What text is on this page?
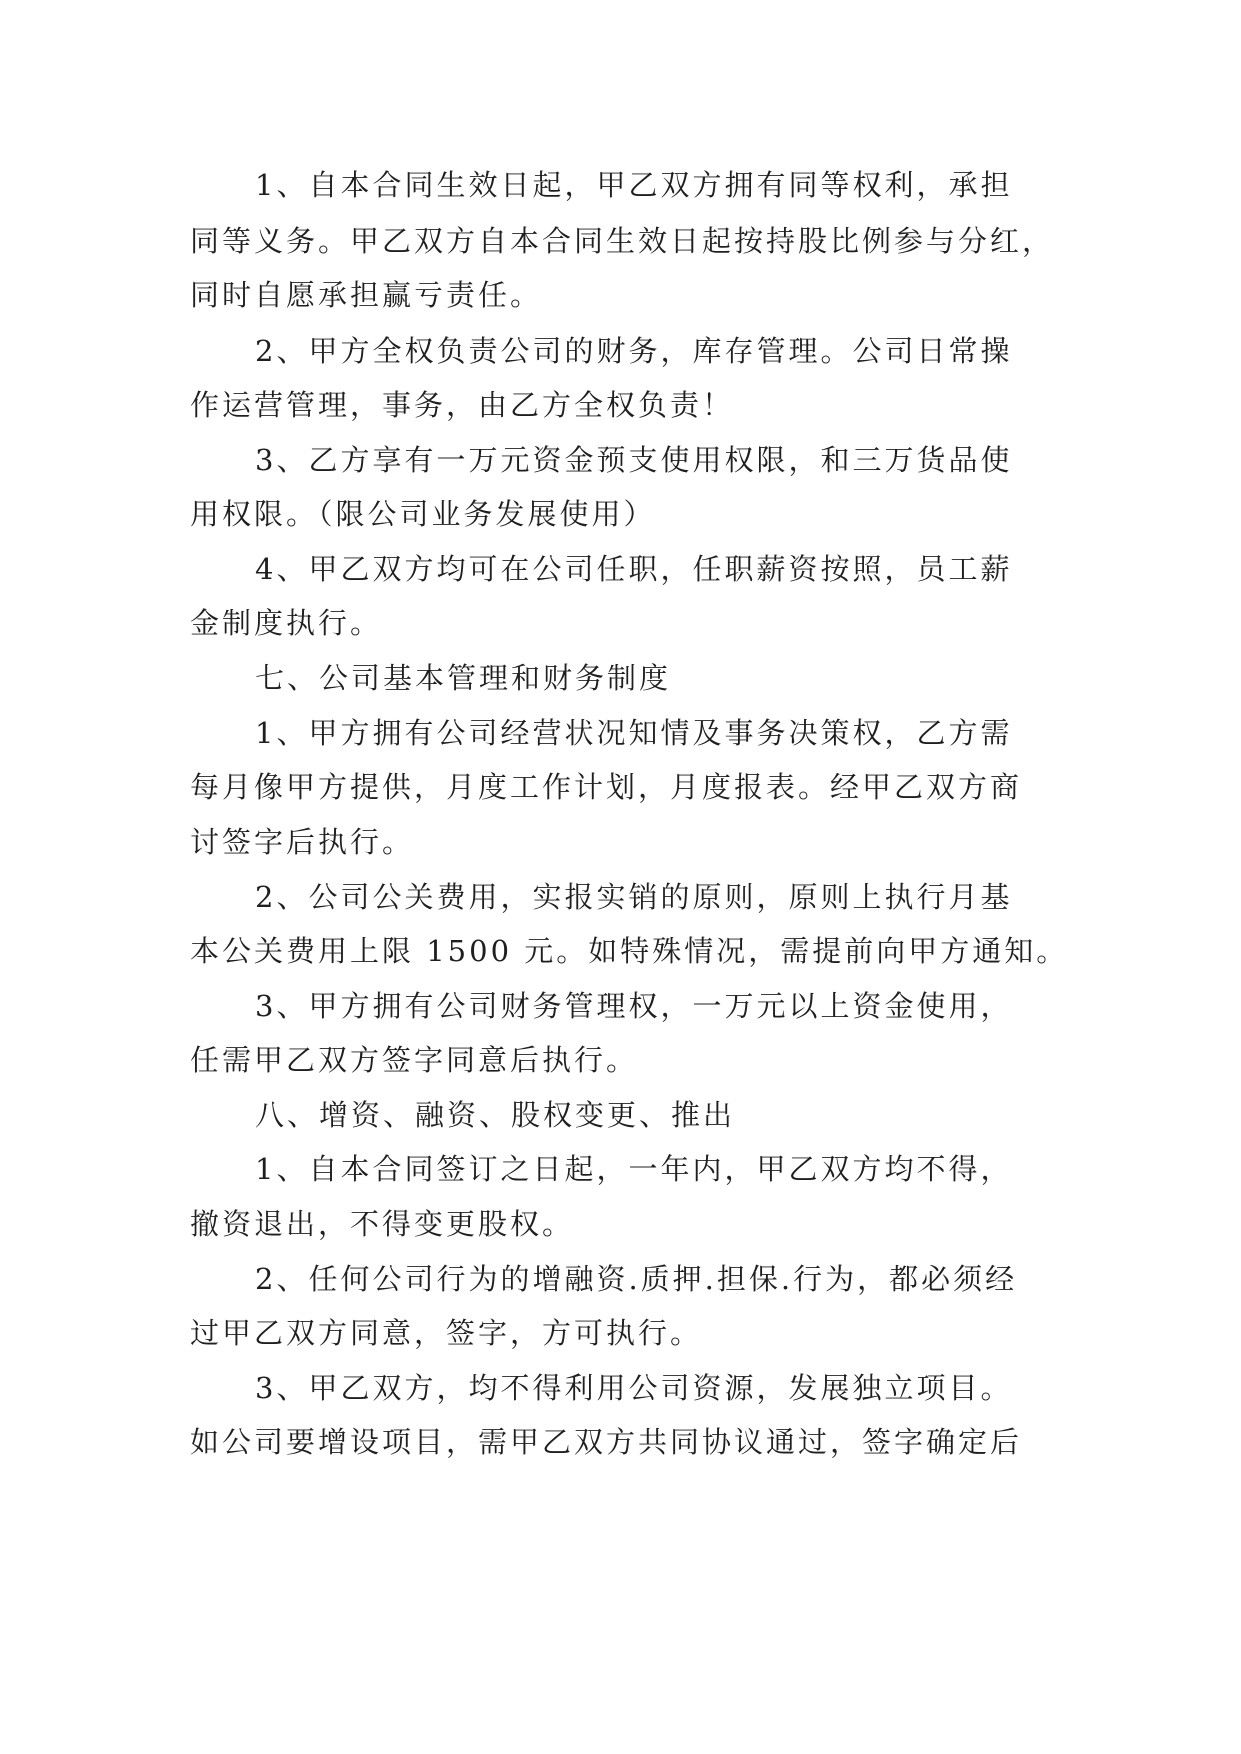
1、自本合同生效日起，甲乙双方拥有同等权利，承担
同等义务。甲乙双方自本合同生效日起按持股比例参与分红，
同时自愿承担赢亏责任。
2、甲方全权负责公司的财务，库存管理。公司日常操
作运营管理，事务，由乙方全权负责！
3、乙方享有一万元资金预支使用权限，和三万货品使
用权限。（限公司业务发展使用）
4、甲乙双方均可在公司任职，任职薪资按照，员工薪
金制度执行。
七、公司基本管理和财务制度
1、甲方拥有公司经营状况知情及事务决策权，乙方需
每月像甲方提供，月度工作计划，月度报表。经甲乙双方商
讨签字后执行。
2、公司公关费用，实报实销的原则，原则上执行月基
本公关费用上限 1500 元。如特殊情况，需提前向甲方通知。
3、甲方拥有公司财务管理权，一万元以上资金使用，
任需甲乙双方签字同意后执行。
八、增资、融资、股权变更、推出
1、自本合同签订之日起，一年内，甲乙双方均不得，
撤资退出，不得变更股权。
2、任何公司行为的增融资.质押.担保.行为，都必须经
过甲乙双方同意，签字，方可执行。
3、甲乙双方，均不得利用公司资源，发展独立项目。
如公司要增设项目，需甲乙双方共同协议通过，签字确定后
